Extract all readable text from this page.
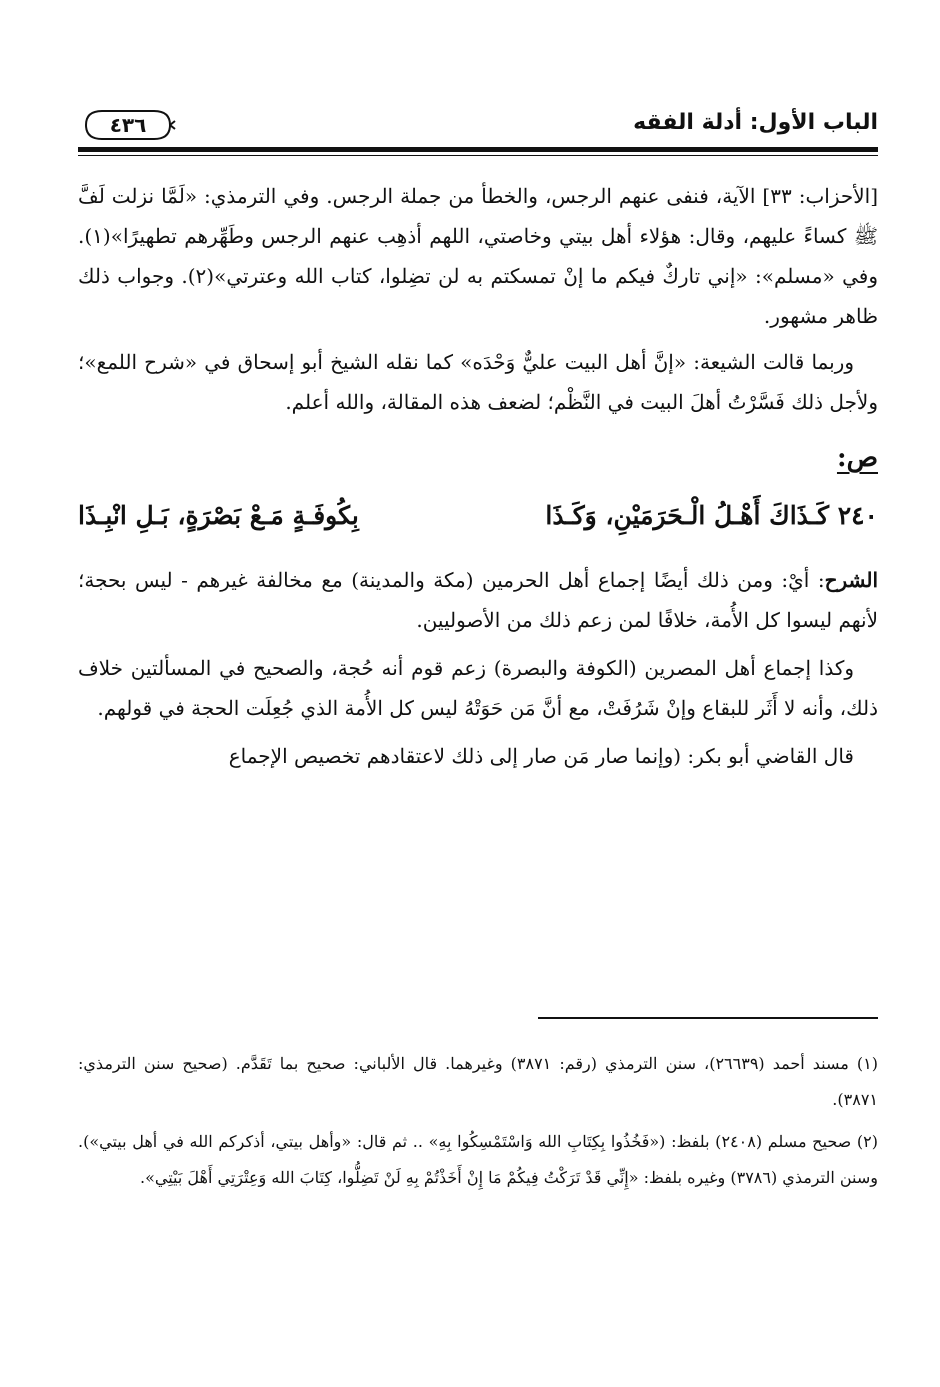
الباب الأول: أدلة الفقه
٤٣٦

[الأحزاب: ٣٣] الآية، فنفى عنهم الرجس، والخطأ من جملة الرجس. وفي الترمذي: «لَمَّا نزلت لَفَّ ﷺ كساءً عليهم، وقال: هؤلاء أهل بيتي وخاصتي، اللهم أذهِب عنهم الرجس وطَهِّرهم تطهيرًا»(١). وفي «مسلم»: «إني تاركٌ فيكم ما إنْ تمسكتم به لن تضِلوا، كتاب الله وعترتي»(٢). وجواب ذلك ظاهر مشهور.

وربما قالت الشيعة: «إنَّ أهل البيت عليٌّ وَحْدَه» كما نقله الشيخ أبو إسحاق في «شرح اللمع»؛ ولأجل ذلك فَسَّرْتُ أهلَ البيت في النَّظْم؛ لضعف هذه المقالة، والله أعلم.

ص:
٢٤٠ كَـذَاكَ أَهْـلُ الْـحَرَمَيْنِ، وَكَـذَا
بِكُوفَـةٍ مَـعْ بَصْرَةٍ، بَـلِ انْبِـذَا

الشرح: أيْ: ومن ذلك أيضًا إجماع أهل الحرمين (مكة والمدينة) مع مخالفة غيرهم - ليس بحجة؛ لأنهم ليسوا كل الأُمة، خلافًا لمن زعم ذلك من الأصوليين.

وكذا إجماع أهل المصرين (الكوفة والبصرة) زعم قوم أنه حُجة، والصحيح في المسألتين خلاف ذلك، وأنه لا أَثَر للبقاع وإنْ شَرُفَتْ، مع أنَّ مَن حَوَتْهُ ليس كل الأُمة الذي جُعِلَت الحجة في قولهم.

قال القاضي أبو بكر: (وإنما صار مَن صار إلى ذلك لاعتقادهم تخصيص الإجماع

(١) مسند أحمد (٢٦٦٣٩)، سنن الترمذي (رقم: ٣٨٧١) وغيرهما. قال الألباني: صحيح بما تَقَدَّم. (صحيح سنن الترمذي: ٣٨٧١).

(٢) صحيح مسلم (٢٤٠٨) بلفظ: («فَخُذُوا بِكِتَابِ الله وَاسْتَمْسِكُوا بِهِ» .. ثم قال: «وأهل بيتي، أذكركم الله في أهل بيتي»). وسنن الترمذي (٣٧٨٦) وغيره بلفظ: «إِنِّي قَدْ تَرَكْتُ فِيكُمْ مَا إِنْ أَخَذْتُمْ بِهِ لَنْ تَضِلُّوا، كِتَابَ الله وَعِتْرَتِي أَهْلَ بَيْتِي».
